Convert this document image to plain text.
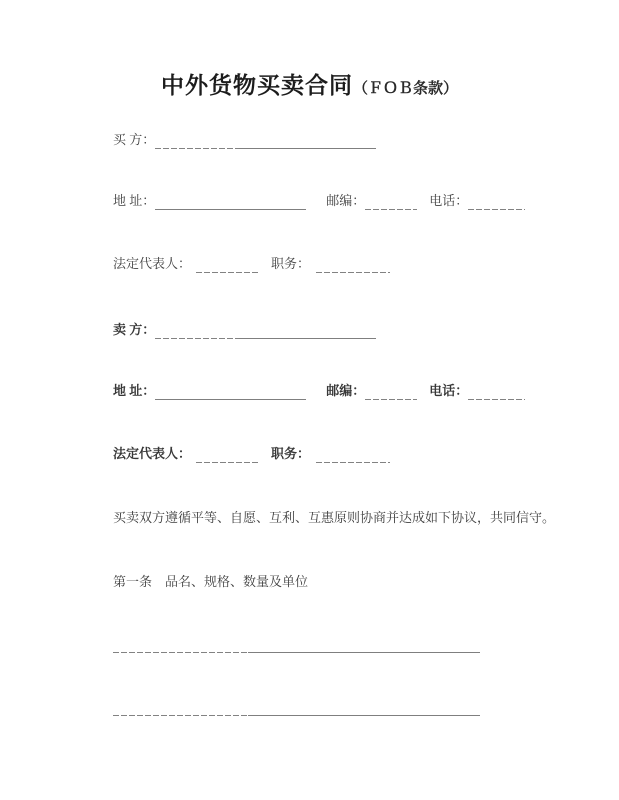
中外货物买卖合同（ＦＯＢ条款）
买 方：
地 址：	邮编：	电话：
法定代表人：	职务：
卖 方：
地 址：	邮编：	电话：
法定代表人：	职务：

买卖双方遵循平等、自愿、互利、互惠原则协商并达成如下协议，共同信守。

第一条　品名、规格、数量及单位
